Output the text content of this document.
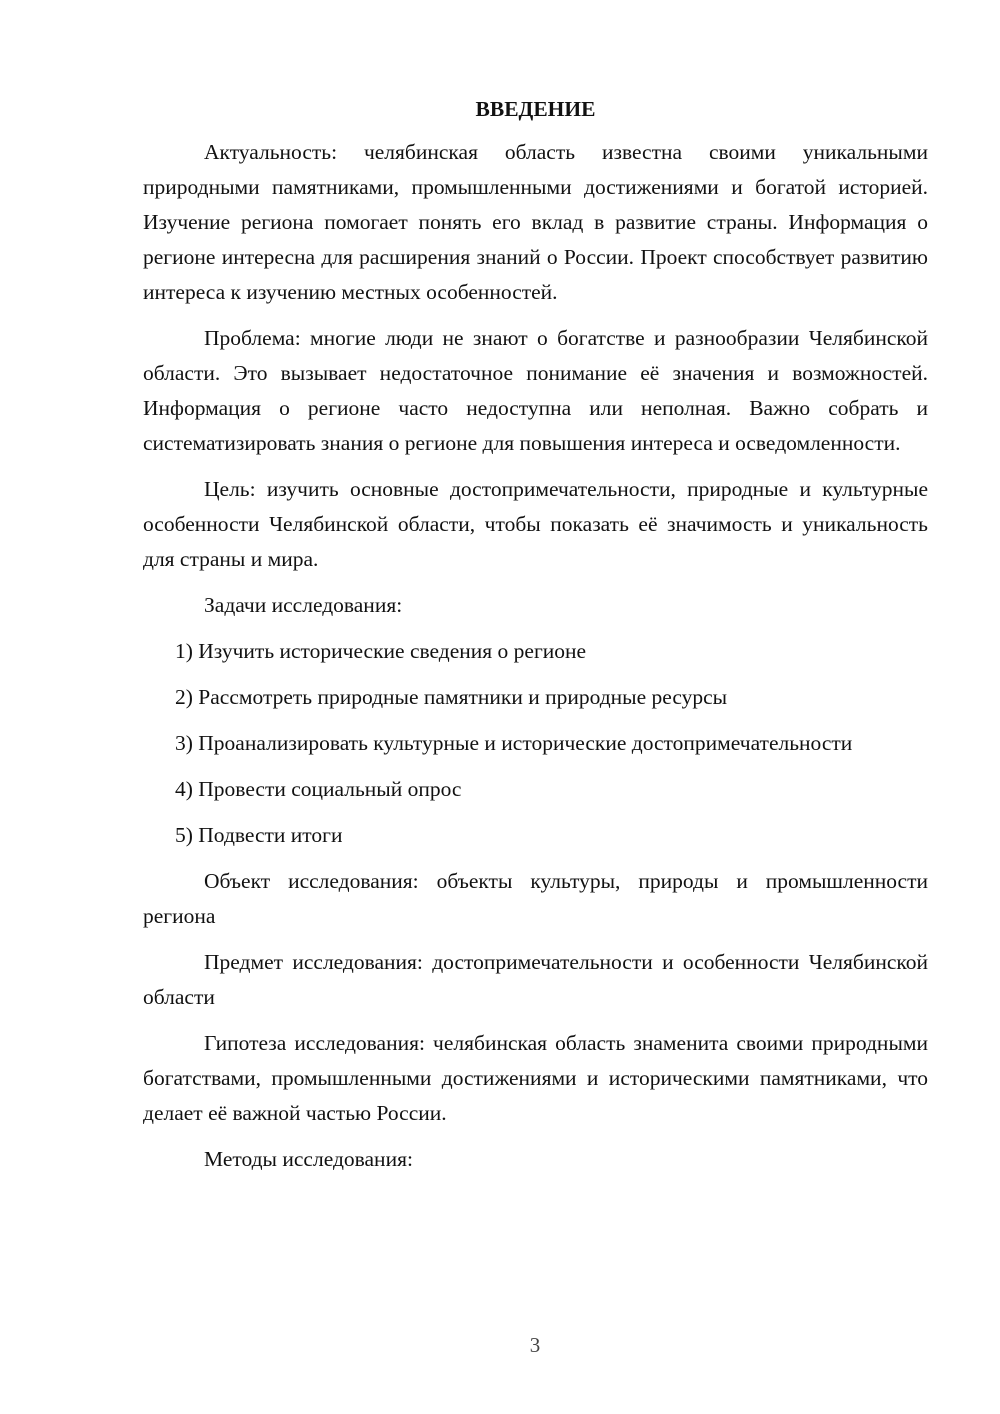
ВВЕДЕНИЕ

Актуальность: челябинская область известна своими уникальными природными памятниками, промышленными достижениями и богатой историей. Изучение региона помогает понять его вклад в развитие страны. Информация о регионе интересна для расширения знаний о России. Проект способствует развитию интереса к изучению местных особенностей.

Проблема: многие люди не знают о богатстве и разнообразии Челябинской области. Это вызывает недостаточное понимание её значения и возможностей. Информация о регионе часто недоступна или неполная. Важно собрать и систематизировать знания о регионе для повышения интереса и осведомленности.

Цель: изучить основные достопримечательности, природные и культурные особенности Челябинской области, чтобы показать её значимость и уникальность для страны и мира.

Задачи исследования:

1) Изучить исторические сведения о регионе

2) Рассмотреть природные памятники и природные ресурсы

3) Проанализировать культурные и исторические достопримечательности

4) Провести социальный опрос

5) Подвести итоги

Объект исследования: объекты культуры, природы и промышленности региона

Предмет исследования: достопримечательности и особенности Челябинской области

Гипотеза исследования: челябинская область знаменита своими природными богатствами, промышленными достижениями и историческими памятниками, что делает её важной частью России.

Методы исследования:

3
